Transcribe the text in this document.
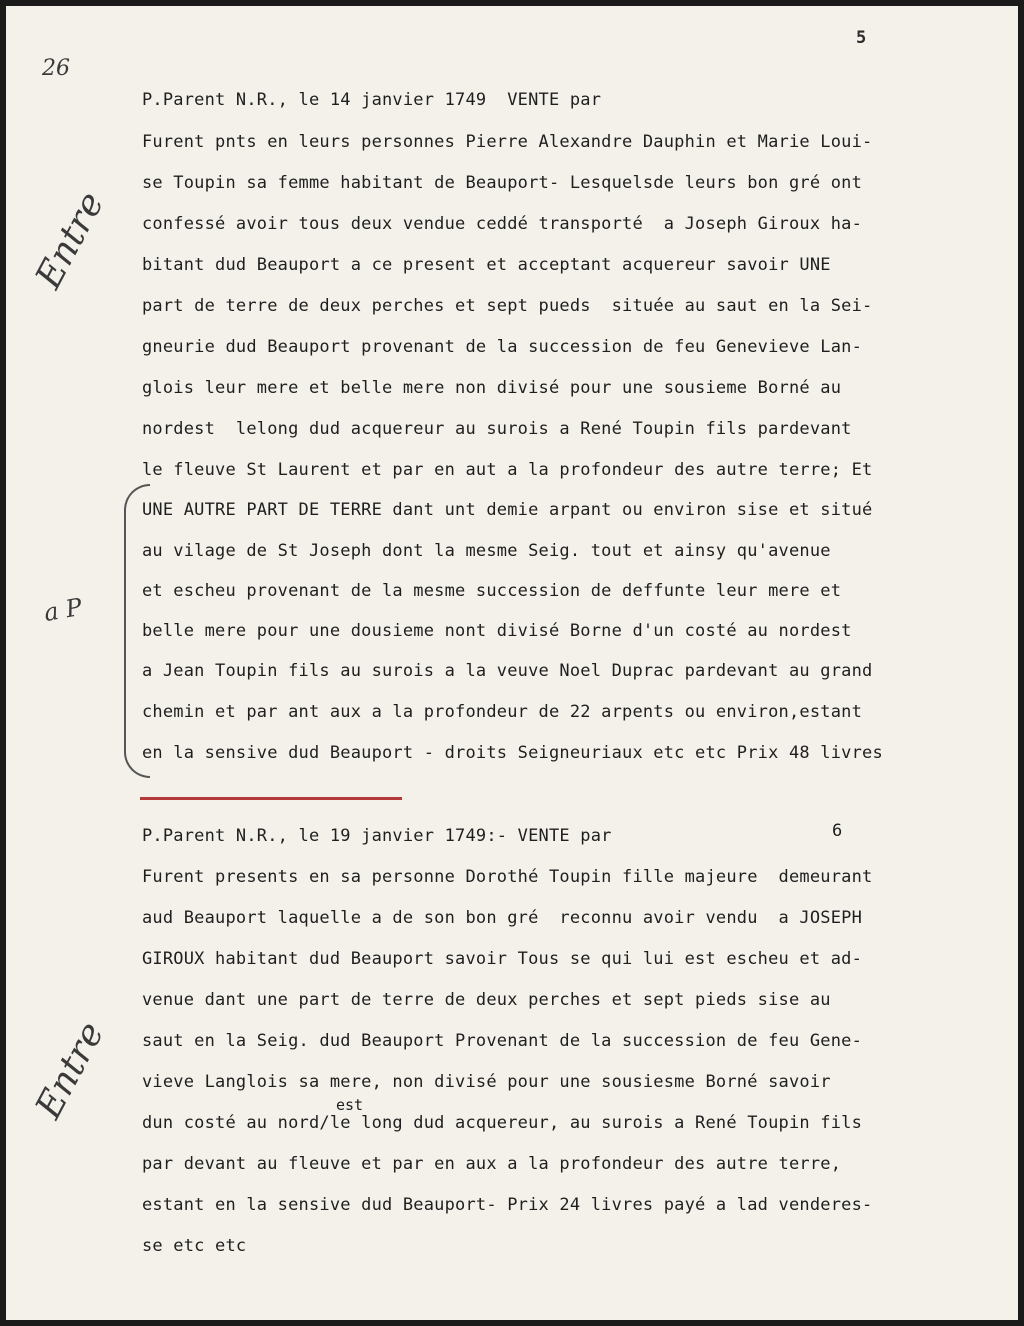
5
26
Entre
a P
Entre
P.Parent N.R., le 14 janvier 1749  VENTE par
Furent pnts en leurs personnes Pierre Alexandre Dauphin et Marie Loui-
se Toupin sa femme habitant de Beauport- Lesquelsde leurs bon gré ont
confessé avoir tous deux vendue ceddé transporté  a Joseph Giroux ha-
bitant dud Beauport a ce present et acceptant acquereur savoir UNE
part de terre de deux perches et sept pueds  située au saut en la Sei-
gneurie dud Beauport provenant de la succession de feu Genevieve Lan-
glois leur mere et belle mere non divisé pour une sousieme Borné au
nordest  lelong dud acquereur au surois a René Toupin fils pardevant
le fleuve St Laurent et par en aut a la profondeur des autre terre; Et
UNE AUTRE PART DE TERRE dant unt demie arpant ou environ sise et situé
au vilage de St Joseph dont la mesme Seig. tout et ainsy qu'avenue
et escheu provenant de la mesme succession de deffunte leur mere et
belle mere pour une dousieme nont divisé Borne d'un costé au nordest
a Jean Toupin fils au surois a la veuve Noel Duprac pardevant au grand
chemin et par ant aux a la profondeur de 22 arpents ou environ,estant
en la sensive dud Beauport - droits Seigneuriaux etc etc Prix 48 livres
P.Parent N.R., le 19 janvier 1749:- VENTE par	6
est
Furent presents en sa personne Dorothé Toupin fille majeure  demeurant
aud Beauport laquelle a de son bon gré  reconnu avoir vendu  a JOSEPH
GIROUX habitant dud Beauport savoir Tous se qui lui est escheu et ad-
venue dant une part de terre de deux perches et sept pieds sise au
saut en la Seig. dud Beauport Provenant de la succession de feu Gene-
vieve Langlois sa mere, non divisé pour une sousiesme Borné savoir
dun costé au nord/le long dud acquereur, au surois a René Toupin fils
par devant au fleuve et par en aux a la profondeur des autre terre,
estant en la sensive dud Beauport- Prix 24 livres payé a lad venderes-
se etc etc
